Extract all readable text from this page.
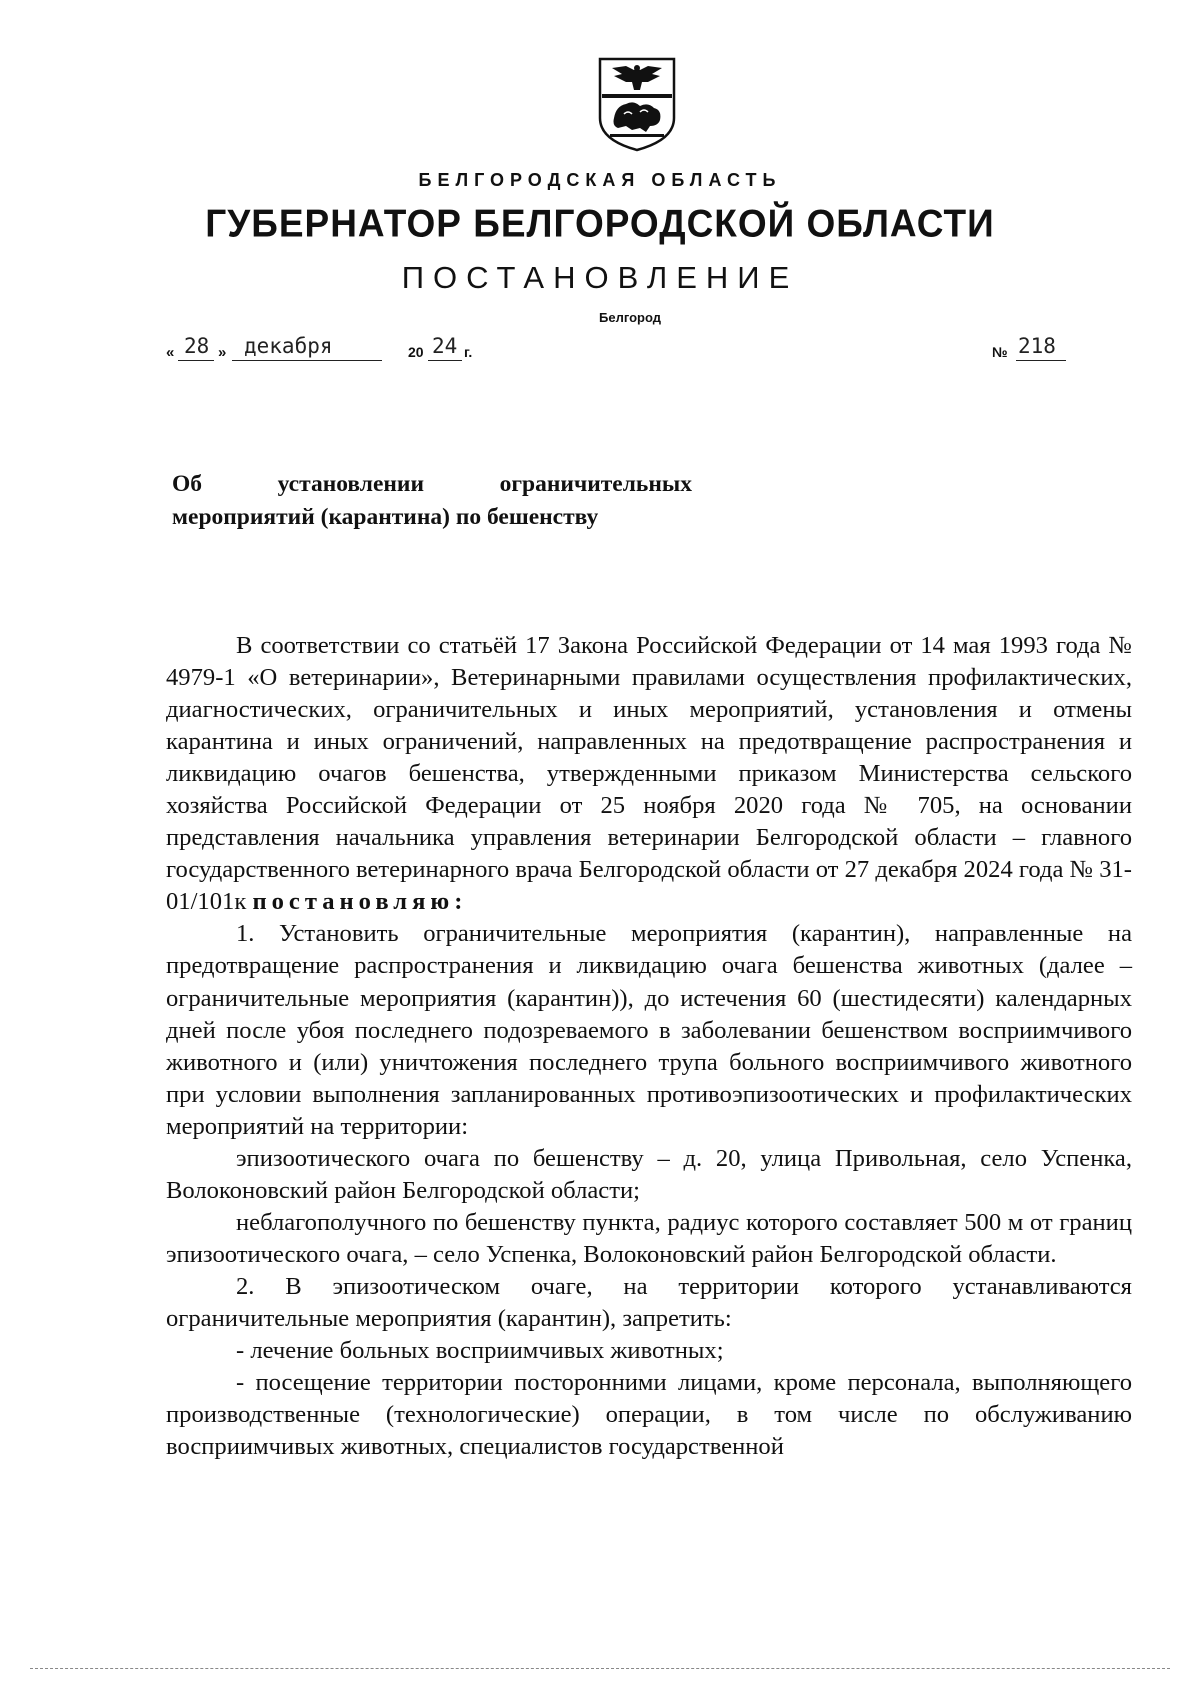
БЕЛГОРОДСКАЯ ОБЛАСТЬ
ГУБЕРНАТОР БЕЛГОРОДСКОЙ ОБЛАСТИ
ПОСТАНОВЛЕНИЕ
Белгород
« 28 » декабря	20 24 г.	№ 218
Об	установлении	ограничительных
мероприятий (карантина) по бешенству

В соответствии со статьёй 17 Закона Российской Федерации от 14 мая 1993 года № 4979-1 «О ветеринарии», Ветеринарными правилами осуществления профилактических, диагностических, ограничительных и иных мероприятий, установления и отмены карантина и иных ограничений, направленных на предотвращение распространения и ликвидацию очагов бешенства, утвержденными приказом Министерства сельского хозяйства Российской Федерации от 25 ноября 2020 года № 705, на основании представления начальника управления ветеринарии Белгородской области – главного государственного ветеринарного врача Белгородской области от 27 декабря 2024 года № 31-01/101к постановляю:

1. Установить ограничительные мероприятия (карантин), направленные на предотвращение распространения и ликвидацию очага бешенства животных (далее – ограничительные мероприятия (карантин)), до истечения 60 (шестидесяти) календарных дней после убоя последнего подозреваемого в заболевании бешенством восприимчивого животного и (или) уничтожения последнего трупа больного восприимчивого животного при условии выполнения запланированных противоэпизоотических и профилактических мероприятий на территории:

эпизоотического очага по бешенству – д. 20, улица Привольная, село Успенка, Волоконовский район Белгородской области;

неблагополучного по бешенству пункта, радиус которого составляет 500 м от границ эпизоотического очага, – село Успенка, Волоконовский район Белгородской области.

2. В эпизоотическом очаге, на территории которого устанавливаются ограничительные мероприятия (карантин), запретить:

- лечение больных восприимчивых животных;

- посещение территории посторонними лицами, кроме персонала, выполняющего производственные (технологические) операции, в том числе по обслуживанию восприимчивых животных, специалистов государственной
